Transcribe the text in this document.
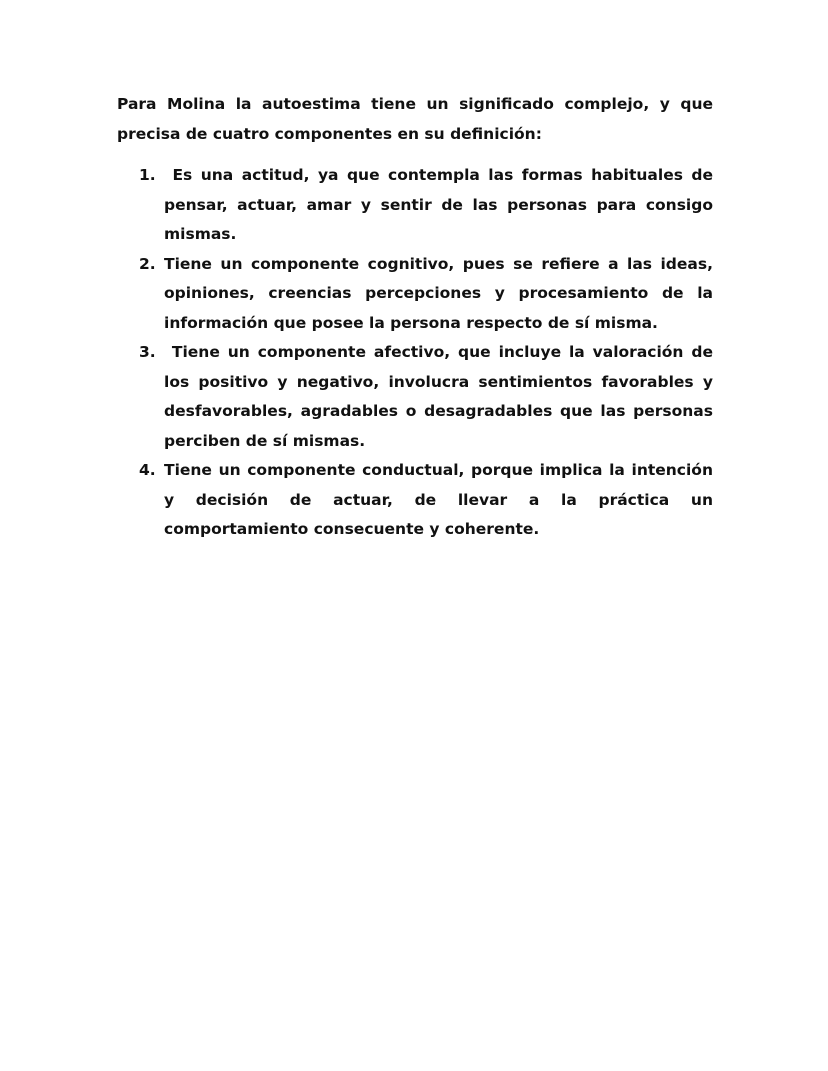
Para Molina la autoestima tiene un significado complejo, y que precisa de cuatro componentes en su definición:

1. Es una actitud, ya que contempla las formas habituales de pensar, actuar, amar y sentir de las personas para consigo mismas.
2. Tiene un componente cognitivo, pues se refiere a las ideas, opiniones, creencias percepciones y procesamiento de la información que posee la persona respecto de sí misma.
3. Tiene un componente afectivo, que incluye la valoración de los positivo y negativo, involucra sentimientos favorables y desfavorables, agradables o desagradables que las personas perciben de sí mismas.
4. Tiene un componente conductual, porque implica la intención y decisión de actuar, de llevar a la práctica un comportamiento consecuente y coherente.
